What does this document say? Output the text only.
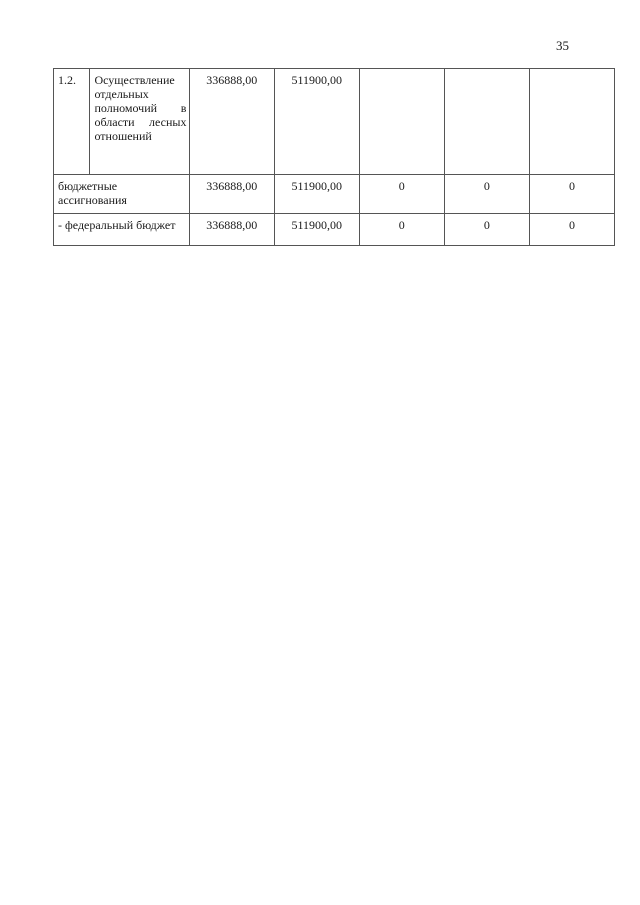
35
1.2.	Осуществление отдельных полномочий в области лесных отношений	336888,00	511900,00			
бюджетные ассигнования		336888,00	511900,00	0	0	0
- федеральный бюджет		336888,00	511900,00	0	0	0
